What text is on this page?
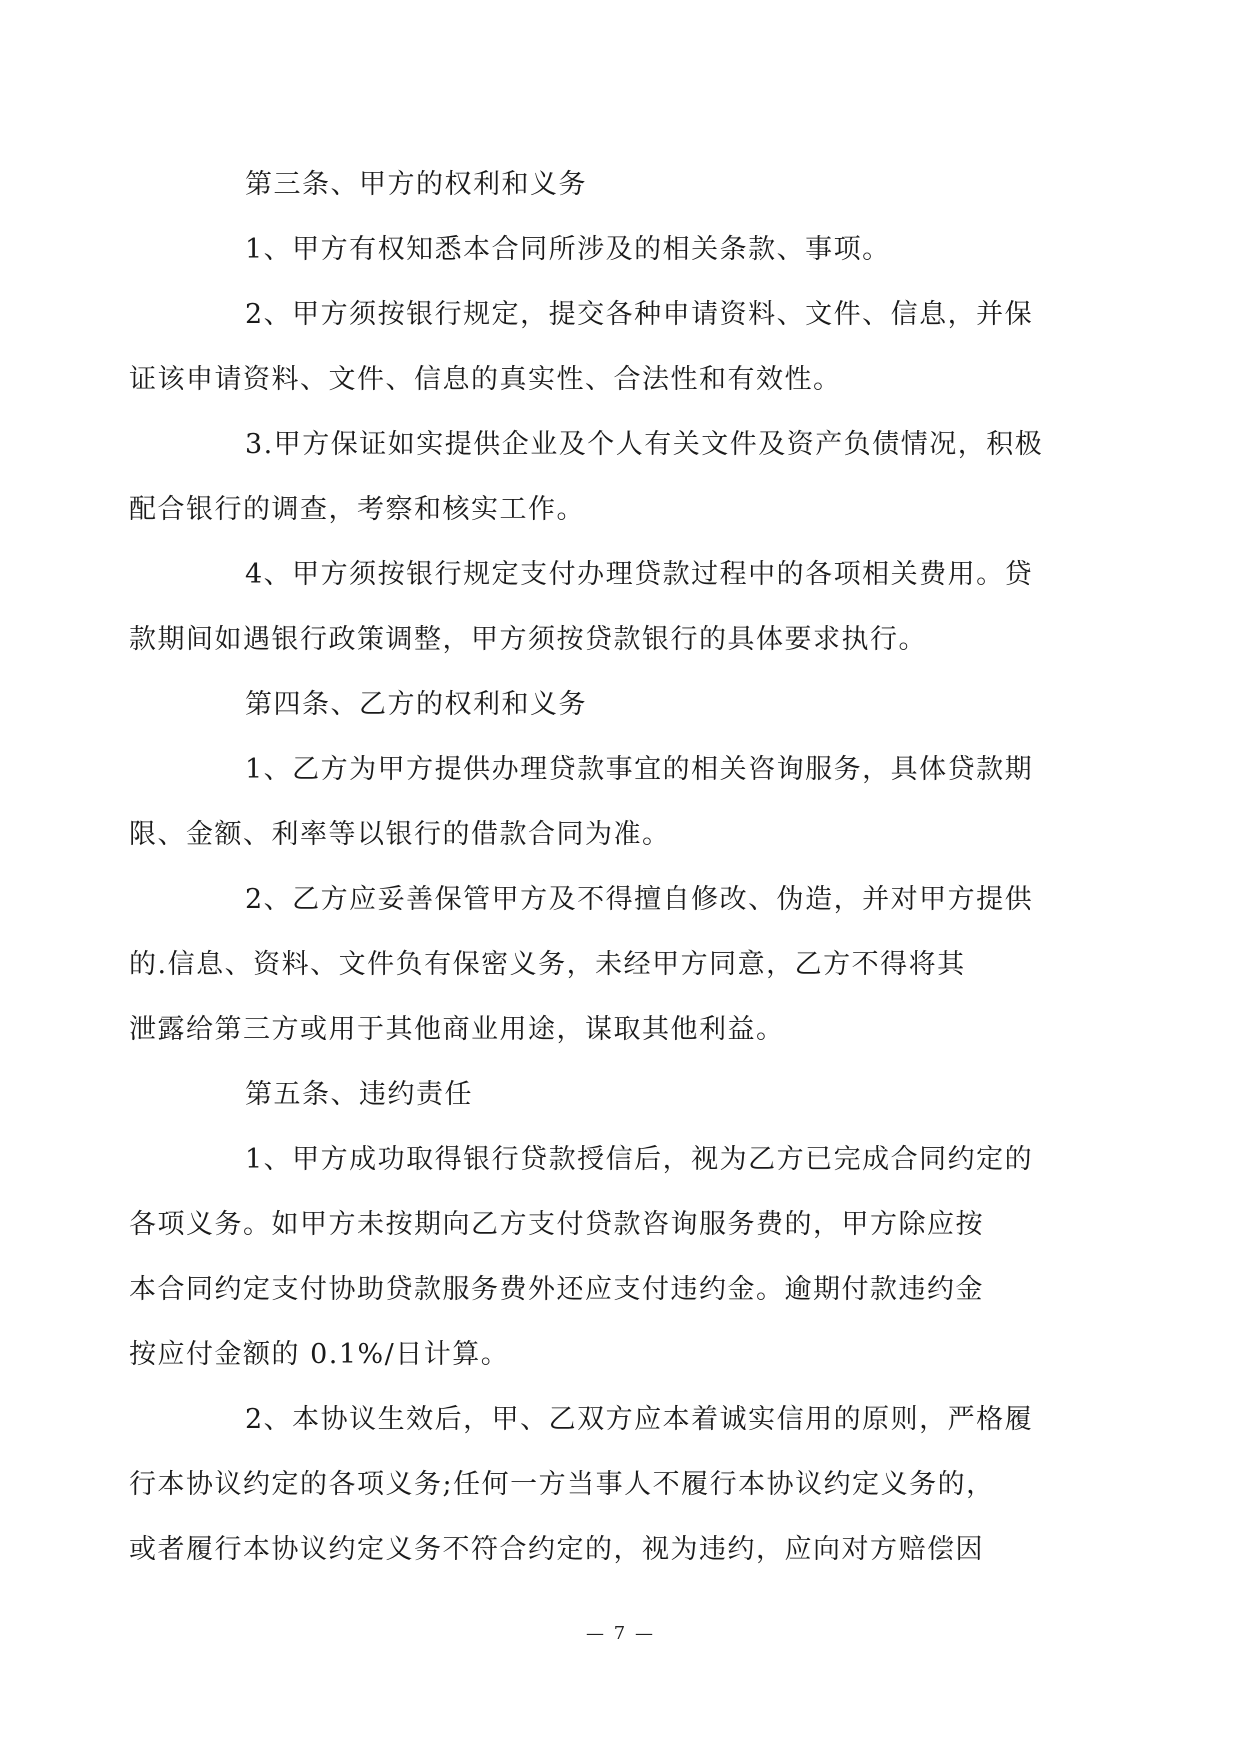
第三条、甲方的权利和义务

1、甲方有权知悉本合同所涉及的相关条款、事项。

2、甲方须按银行规定，提交各种申请资料、文件、信息，并保
证该申请资料、文件、信息的真实性、合法性和有效性。

3.甲方保证如实提供企业及个人有关文件及资产负债情况，积极
配合银行的调查，考察和核实工作。

4、甲方须按银行规定支付办理贷款过程中的各项相关费用。贷
款期间如遇银行政策调整，甲方须按贷款银行的具体要求执行。

第四条、乙方的权利和义务

1、乙方为甲方提供办理贷款事宜的相关咨询服务，具体贷款期
限、金额、利率等以银行的借款合同为准。

2、乙方应妥善保管甲方及不得擅自修改、伪造，并对甲方提供
的.信息、资料、文件负有保密义务，未经甲方同意，乙方不得将其
泄露给第三方或用于其他商业用途，谋取其他利益。

第五条、违约责任

1、甲方成功取得银行贷款授信后，视为乙方已完成合同约定的
各项义务。如甲方未按期向乙方支付贷款咨询服务费的，甲方除应按
本合同约定支付协助贷款服务费外还应支付违约金。逾期付款违约金
按应付金额的 0.1%/日计算。

2、本协议生效后，甲、乙双方应本着诚实信用的原则，严格履
行本协议约定的各项义务;任何一方当事人不履行本协议约定义务的，
或者履行本协议约定义务不符合约定的，视为违约，应向对方赔偿因

— 7 —
